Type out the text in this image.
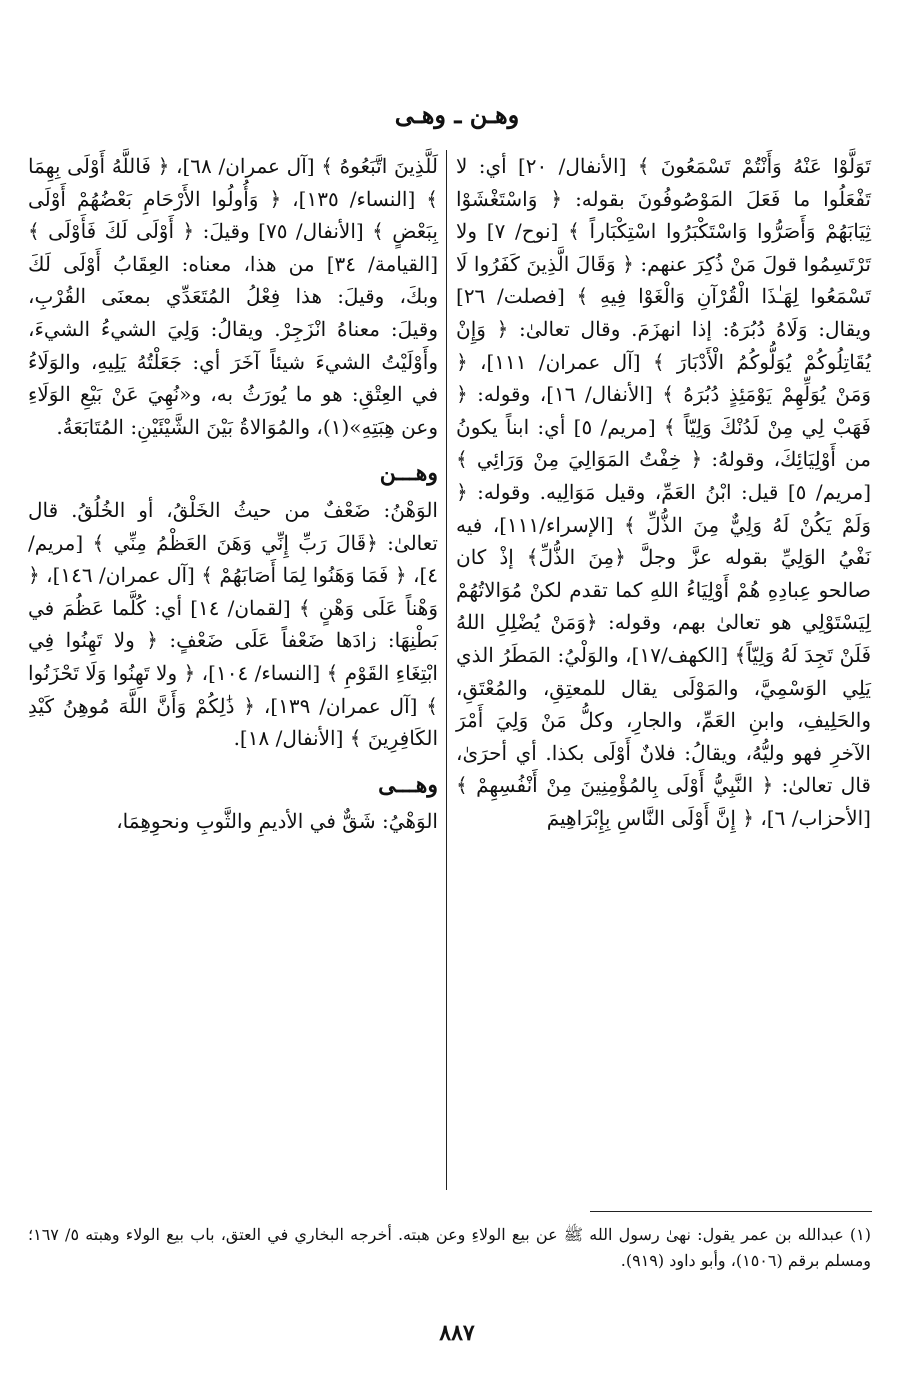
وهـن ـ وهـى

تَوَلَّوْا عَنْهُ وَأَنْتُمْ تَسْمَعُونَ ﴾ [الأنفال/ ٢٠] أي: لا تَفْعَلُوا ما فَعَلَ المَوْصُوفُونَ بقوله: ﴿ وَاسْتَغْشَوْا ثِيَابَهُمْ وَأَصَرُّوا وَاسْتَكْبَرُوا اسْتِكْبَاراً ﴾ [نوح/ ٧] ولا تَرْتَسِمُوا قولَ مَنْ ذُكِرَ عنهم: ﴿ وَقَالَ الَّذِينَ كَفَرُوا لَا تَسْمَعُوا لِهَـٰذَا الْقُرْآنِ وَالْغَوْا فِيهِ ﴾ [فصلت/ ٢٦] ويقال: وَلَاهُ دُبُرَهُ: إذا انهزَمَ. وقال تعالىٰ: ﴿ وَإِنْ يُقَاتِلُوكُمْ يُوَلُّوكُمُ الْأَدْبَارَ ﴾ [آل عمران/ ١١١]، ﴿ وَمَنْ يُوَلِّهِمْ يَوْمَئِذٍ دُبُرَهُ ﴾ [الأنفال/ ١٦]، وقوله: ﴿ فَهَبْ لِي مِنْ لَدُنْكَ وَلِيّاً ﴾ [مريم/ ٥] أي: ابناً يكونُ من أَوْلِيَائِكَ، وقولهُ: ﴿ خِفْتُ المَوَالِيَ مِنْ وَرَائِي ﴾ [مريم/ ٥] قيل: ابْنُ العَمِّ، وقيل مَوَالِيه. وقوله: ﴿ وَلَمْ يَكُنْ لَهُ وَلِيٌّ مِنَ الذُّلِّ ﴾ [الإسراء/١١١]، فيه نَفْيُ الوَلِيِّ بقوله عزَّ وجلَّ ﴿مِنَ الذُّلِّ﴾ إذْ كان صالحو عِبادِهِ هُمْ أَوْلِيَاءُ اللهِ كما تقدم لكنْ مُوَالاتُهُمْ لِيَسْتَوْلِي هو تعالىٰ بهم، وقوله: ﴿وَمَنْ يُضْلِلِ اللهُ فَلَنْ تَجِدَ لَهُ وَلِيّاً﴾ [الكهف/١٧]، والوَلْيُ: المَطَرُ الذي يَلِي الوَسْمِيَّ، والمَوْلَى يقال للمعتِقِ، والمُعْتَقِ، والحَلِيفِ، وابنِ العَمِّ، والجارِ، وكلُّ مَنْ وَلِيَ أَمْرَ الآخرِ فهو وليُّهُ، ويقالُ: فلانٌ أَوْلَى بكذا. أي أحرَىٰ، قال تعالىٰ: ﴿ النَّبِيُّ أَوْلَى بِالمُؤْمِنِينَ مِنْ أَنْفُسِهِمْ ﴾ [الأحزاب/ ٦]، ﴿ إِنَّ أَوْلَى النَّاسِ بِإِبْرَاهِيمَ

لَلَّذِينَ اتَّبَعُوهُ ﴾ [آل عمران/ ٦٨]، ﴿ فَاللَّهُ أَوْلَى بِهِمَا ﴾ [النساء/ ١٣٥]، ﴿ وَأُولُوا الأَرْحَامِ بَعْضُهُمْ أَوْلَى بِبَعْضٍ ﴾ [الأنفال/ ٧٥] وقيلَ: ﴿ أَوْلَى لَكَ فَأَوْلَى ﴾ [القيامة/ ٣٤] من هذا، معناه: العِقَابُ أَوْلَى لَكَ وبكَ، وقيلَ: هذا فِعْلُ المُتَعَدِّي بمعنَى القُرْبِ، وقيلَ: معناهُ انْزَجِرْ. ويقالُ: وَلِيَ الشيءُ الشيءَ، وأَوْلَيْتُ الشيءَ شيئاً آخَرَ أي: جَعَلْتُهُ يَلِيهِ، والوَلَاءُ في العِتْقِ: هو ما يُورَثُ به، و«نُهِيَ عَنْ بَيْعِ الوَلَاءِ وعن هِبَتِهِ»(١)، والمُوَالاةُ بَيْنَ الشَّيْئَيْنِ: المُتَابَعَةُ.

وهـــن

الوَهْنُ: ضَعْفٌ من حيثُ الخَلْقُ، أو الخُلُقُ. قال تعالىٰ: ﴿قَالَ رَبِّ إِنِّي وَهَنَ العَظْمُ مِنِّي ﴾ [مريم/ ٤]، ﴿ فَمَا وَهَنُوا لِمَا أَصَابَهُمْ ﴾ [آل عمران/ ١٤٦]، ﴿ وَهْناً عَلَى وَهْنٍ ﴾ [لقمان/ ١٤] أي: كُلَّما عَظُمَ في بَطْنِهَا: زادَها ضَعْفاً عَلَى ضَعْفٍ: ﴿ ولا تَهِنُوا فِي ابْتِغَاءِ القَوْمِ ﴾ [النساء/ ١٠٤]، ﴿ ولا تَهِنُوا وَلَا تَحْزَنُوا ﴾ [آل عمران/ ١٣٩]، ﴿ ذَٰلِكُمْ وَأَنَّ اللَّهَ مُوهِنُ كَيْدِ الكَافِرِينَ ﴾ [الأنفال/ ١٨].

وهـــى

الوَهْيُ: شَقٌّ في الأديمِ والثَّوبِ ونحوِهِمَا،

(١) عبدالله بن عمر يقول: نهىٰ رسول الله ﷺ عن بيع الولاءِ وعن هبته. أخرجه البخاري في العتق، باب بيع الولاء وهبته ٥/ ١٦٧؛ ومسلم برقم (١٥٠٦)، وأبو داود (٩١٩).

٨٨٧
